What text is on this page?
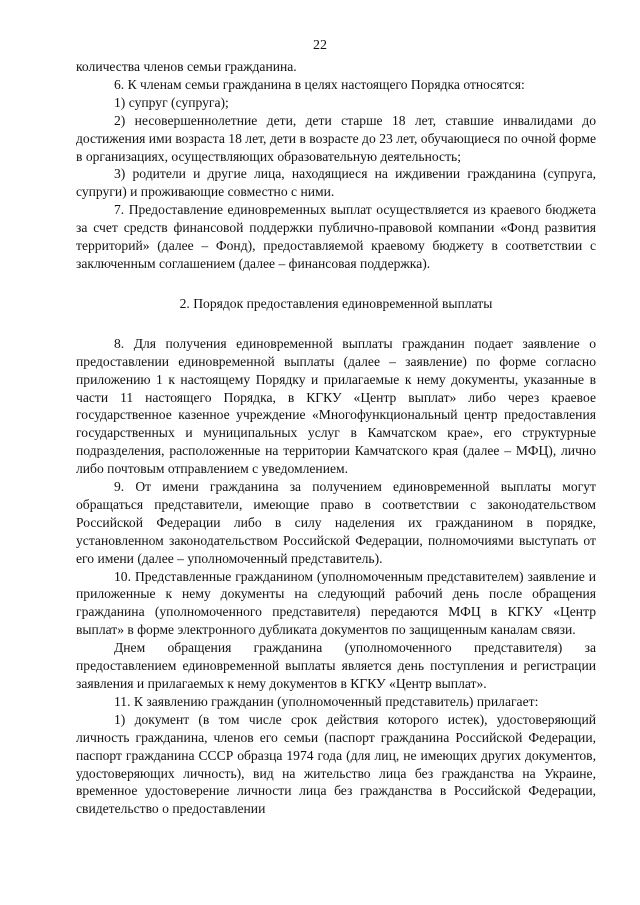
22

количества членов семьи гражданина.

6. К членам семьи гражданина в целях настоящего Порядка относятся:

1) супруг (супруга);

2) несовершеннолетние дети, дети старше 18 лет, ставшие инвалидами до достижения ими возраста 18 лет, дети в возрасте до 23 лет, обучающиеся по очной форме в организациях, осуществляющих образовательную деятельность;

3) родители и другие лица, находящиеся на иждивении гражданина (супруга, супруги) и проживающие совместно с ними.

7. Предоставление единовременных выплат осуществляется из краевого бюджета за счет средств финансовой поддержки публично-правовой компании «Фонд развития территорий» (далее – Фонд), предоставляемой краевому бюджету в соответствии с заключенным соглашением (далее – финансовая поддержка).

2. Порядок предоставления единовременной выплаты

8. Для получения единовременной выплаты гражданин подает заявление о предоставлении единовременной выплаты (далее – заявление) по форме согласно приложению 1 к настоящему Порядку и прилагаемые к нему документы, указанные в части 11 настоящего Порядка, в КГКУ «Центр выплат» либо через краевое государственное казенное учреждение «Многофункциональный центр предоставления государственных и муниципальных услуг в Камчатском крае», его структурные подразделения, расположенные на территории Камчатского края (далее – МФЦ), лично либо почтовым отправлением с уведомлением.

9. От имени гражданина за получением единовременной выплаты могут обращаться представители, имеющие право в соответствии с законодательством Российской Федерации либо в силу наделения их гражданином в порядке, установленном законодательством Российской Федерации, полномочиями выступать от его имени (далее – уполномоченный представитель).

10. Представленные гражданином (уполномоченным представителем) заявление и приложенные к нему документы на следующий рабочий день после обращения гражданина (уполномоченного представителя) передаются МФЦ в КГКУ «Центр выплат» в форме электронного дубликата документов по защищенным каналам связи.

Днем обращения гражданина (уполномоченного представителя) за предоставлением единовременной выплаты является день поступления и регистрации заявления и прилагаемых к нему документов в КГКУ «Центр выплат».

11. К заявлению гражданин (уполномоченный представитель) прилагает:

1) документ (в том числе срок действия которого истек), удостоверяющий личность гражданина, членов его семьи (паспорт гражданина Российской Федерации, паспорт гражданина СССР образца 1974 года (для лиц, не имеющих других документов, удостоверяющих личность), вид на жительство лица без гражданства на Украине, временное удостоверение личности лица без гражданства в Российской Федерации, свидетельство о предоставлении
